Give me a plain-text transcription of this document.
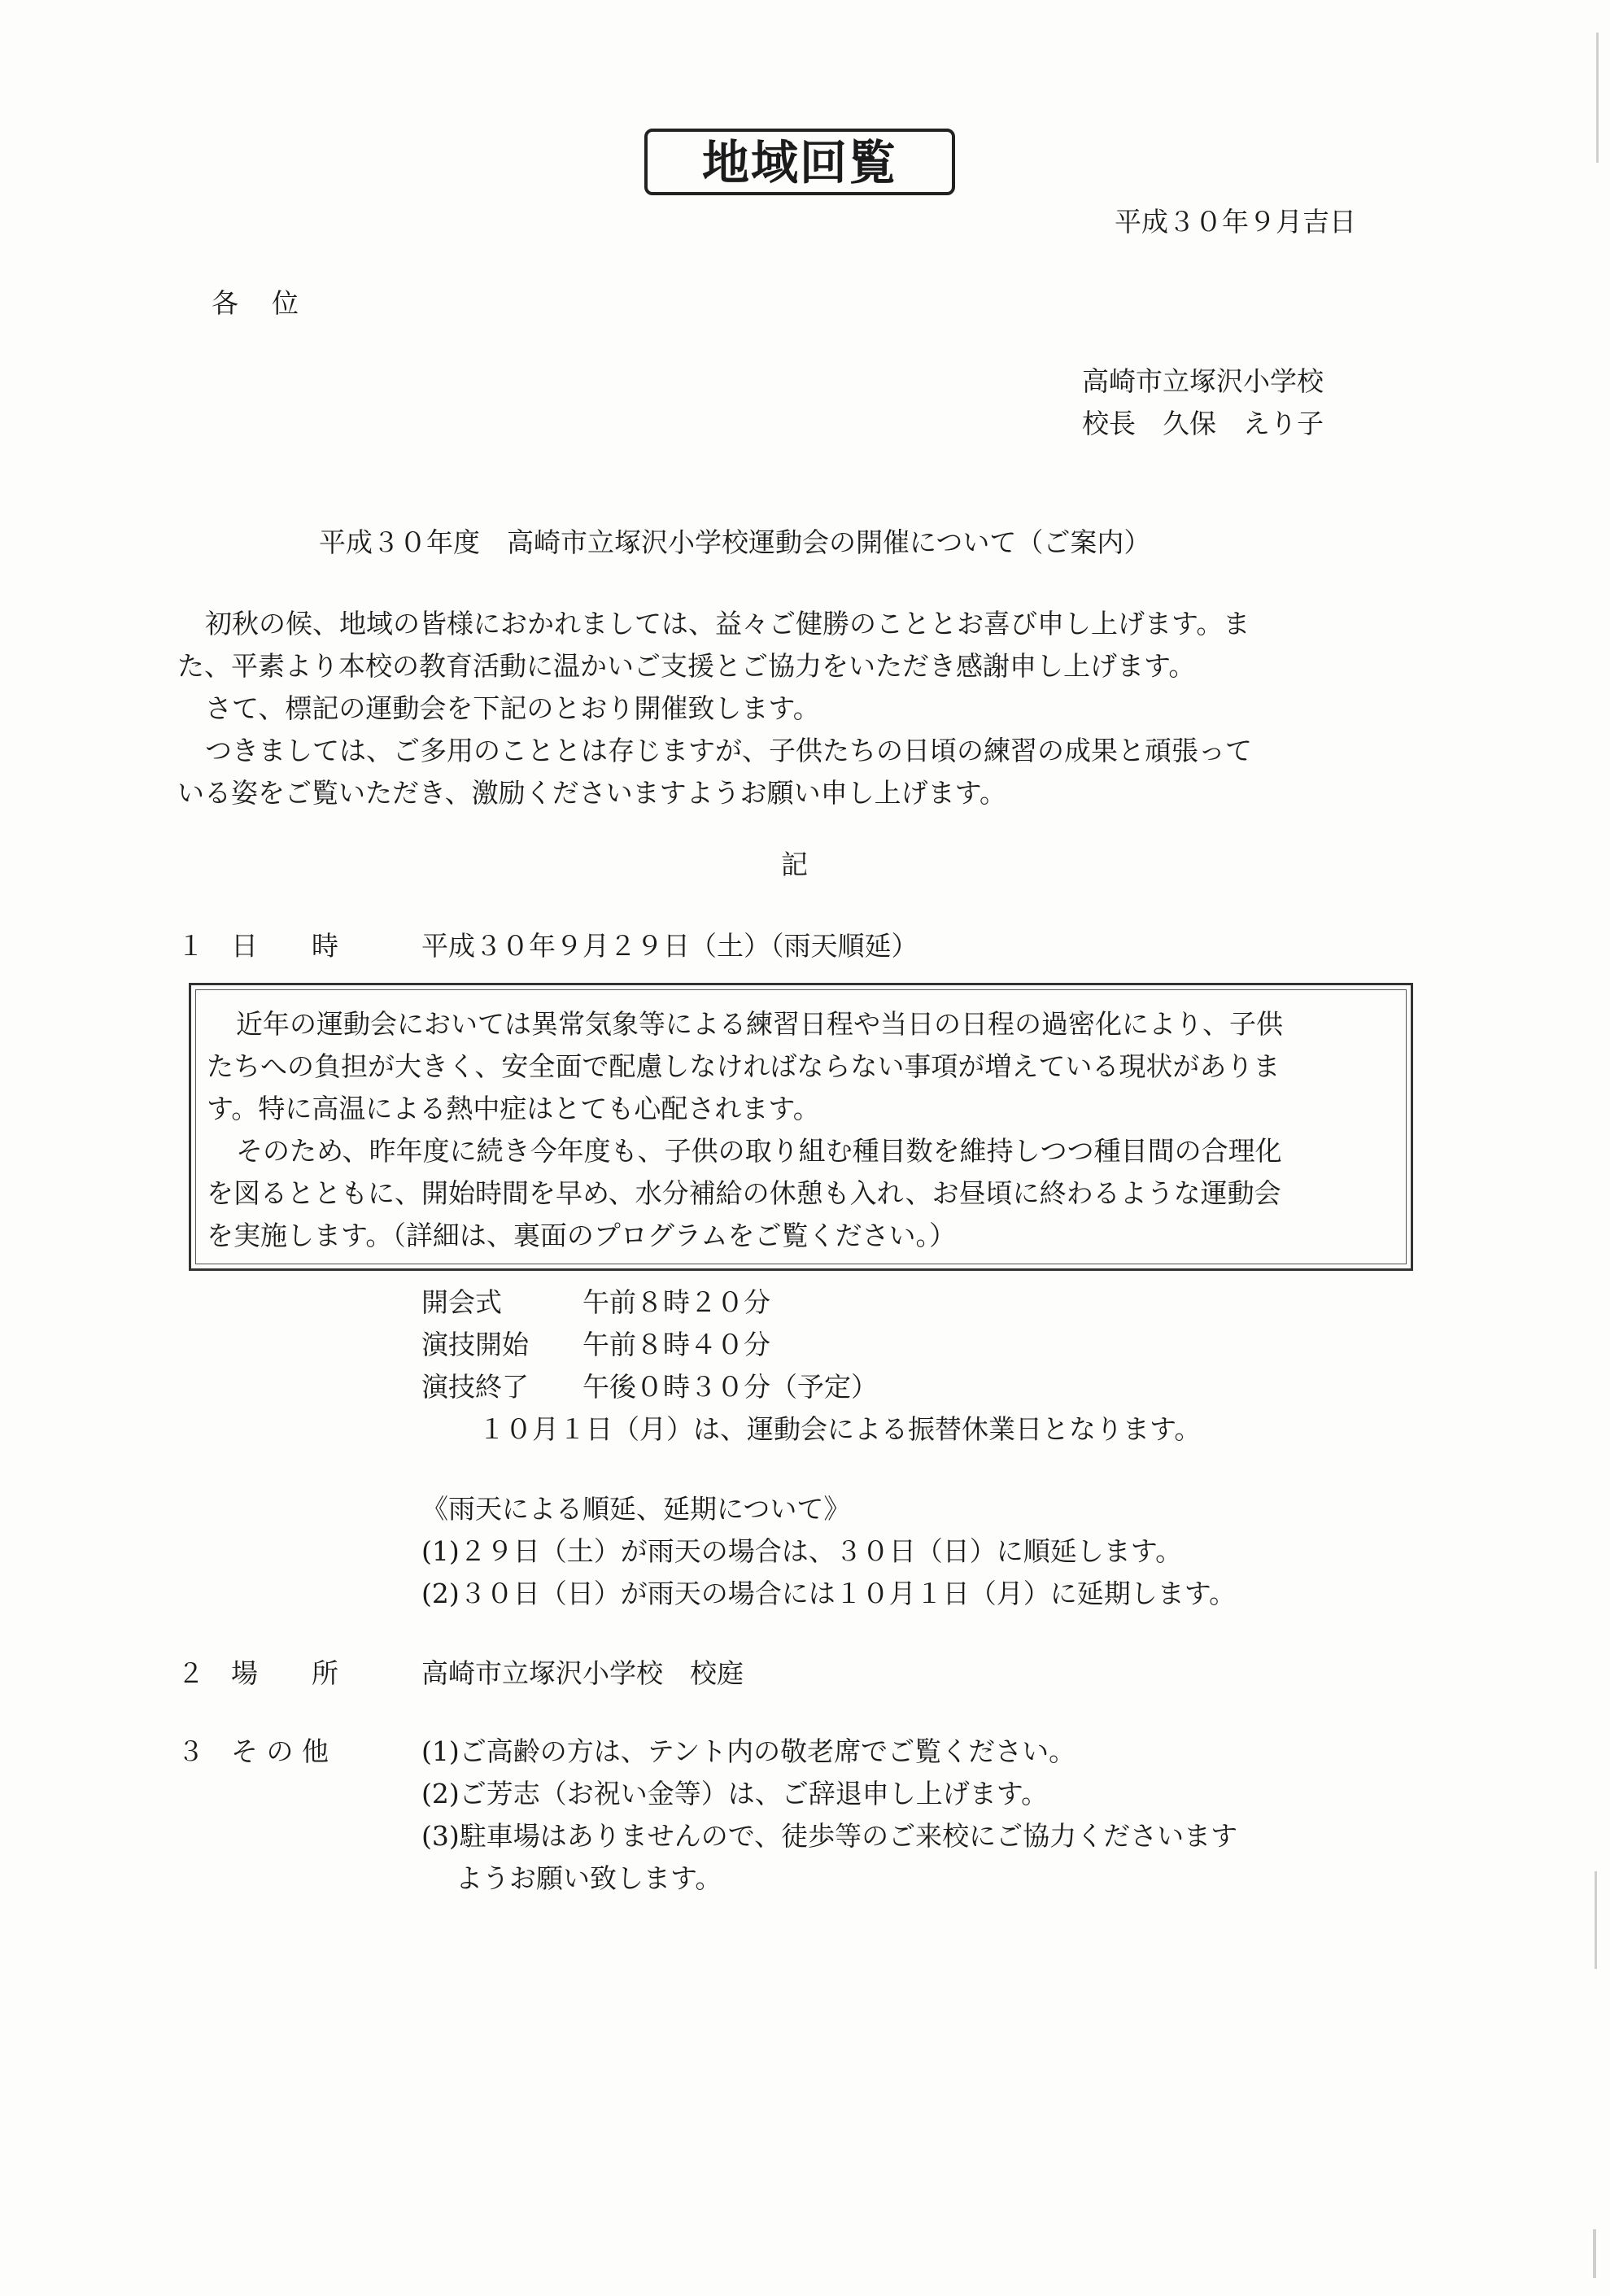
地域回覧
平成３０年９月吉日
各　位
高崎市立塚沢小学校
校長　久保　えり子
平成３０年度　高崎市立塚沢小学校運動会の開催について（ご案内）
初秋の候、地域の皆様におかれましては、益々ご健勝のこととお喜び申し上げます。ま
た、平素より本校の教育活動に温かいご支援とご協力をいただき感謝申し上げます。
さて、標記の運動会を下記のとおり開催致します。
つきましては、ご多用のこととは存じますが、子供たちの日頃の練習の成果と頑張って
いる姿をご覧いただき、激励くださいますようお願い申し上げます。
記
１　日　　時	平成３０年９月２９日（土）（雨天順延）
近年の運動会においては異常気象等による練習日程や当日の日程の過密化により、子供
たちへの負担が大きく、安全面で配慮しなければならない事項が増えている現状がありま
す。特に高温による熱中症はとても心配されます。
そのため、昨年度に続き今年度も、子供の取り組む種目数を維持しつつ種目間の合理化
を図るとともに、開始時間を早め、水分補給の休憩も入れ、お昼頃に終わるような運動会
を実施します。（詳細は、裏面のプログラムをご覧ください。）
開会式	午前８時２０分
演技開始 午前８時４０分
演技終了 午後０時３０分（予定）
１０月１日（月）は、運動会による振替休業日となります。
《雨天による順延、延期について》
(1)２９日（土）が雨天の場合は、３０日（日）に順延します。
(2)３０日（日）が雨天の場合には１０月１日（月）に延期します。
２　場　　所	高崎市立塚沢小学校　校庭
３　そ の 他	(1)ご高齢の方は、テント内の敬老席でご覧ください。
(2)ご芳志（お祝い金等）は、ご辞退申し上げます。
(3)駐車場はありませんので、徒歩等のご来校にご協力くださいます
ようお願い致します。
